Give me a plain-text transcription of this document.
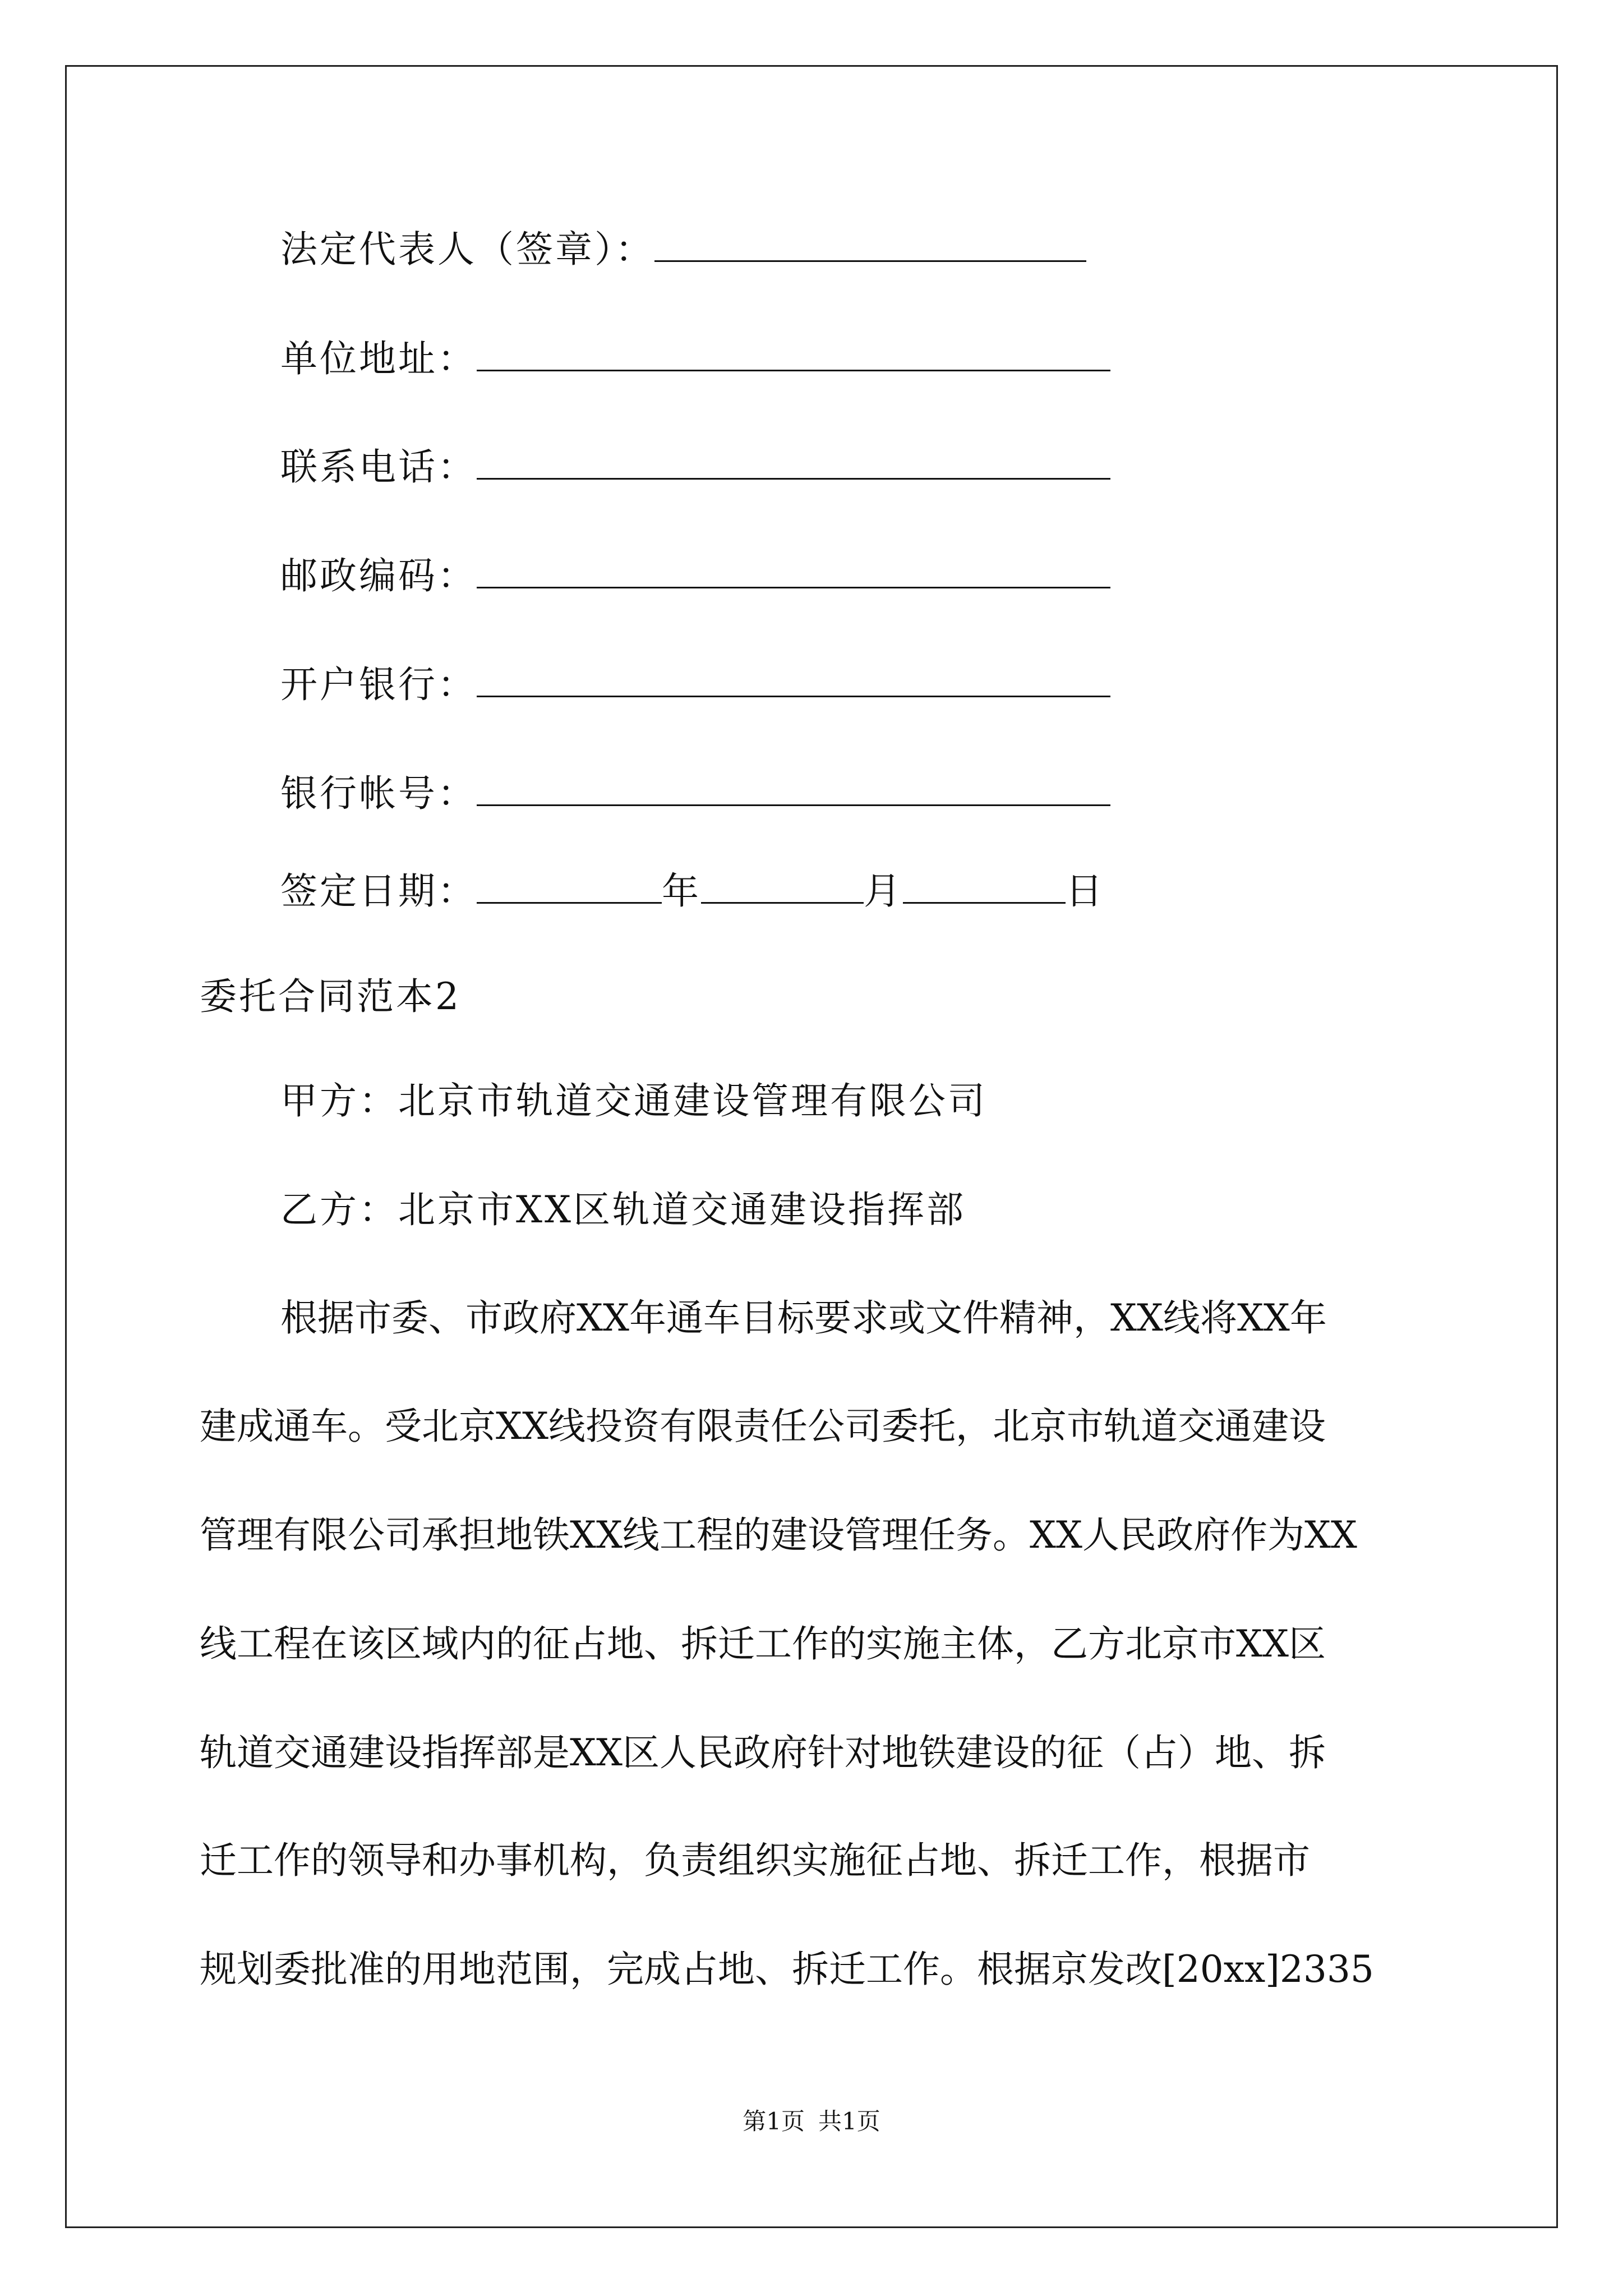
法定代表人（签章）：
单位地址：
联系电话：
邮政编码：
开户银行：
银行帐号：
签定日期：	年	月	日
委托合同范本2
甲方：北京市轨道交通建设管理有限公司
乙方：北京市XX区轨道交通建设指挥部
根据市委、市政府XX年通车目标要求或文件精神，XX线将XX年
建成通车。受北京XX线投资有限责任公司委托，北京市轨道交通建设
管理有限公司承担地铁XX线工程的建设管理任务。XX人民政府作为XX
线工程在该区域内的征占地、拆迁工作的实施主体，乙方北京市XX区
轨道交通建设指挥部是XX区人民政府针对地铁建设的征（占）地、拆
迁工作的领导和办事机构，负责组织实施征占地、拆迁工作，根据市
规划委批准的用地范围，完成占地、拆迁工作。根据京发改[20xx]2335
第1页 共1页
